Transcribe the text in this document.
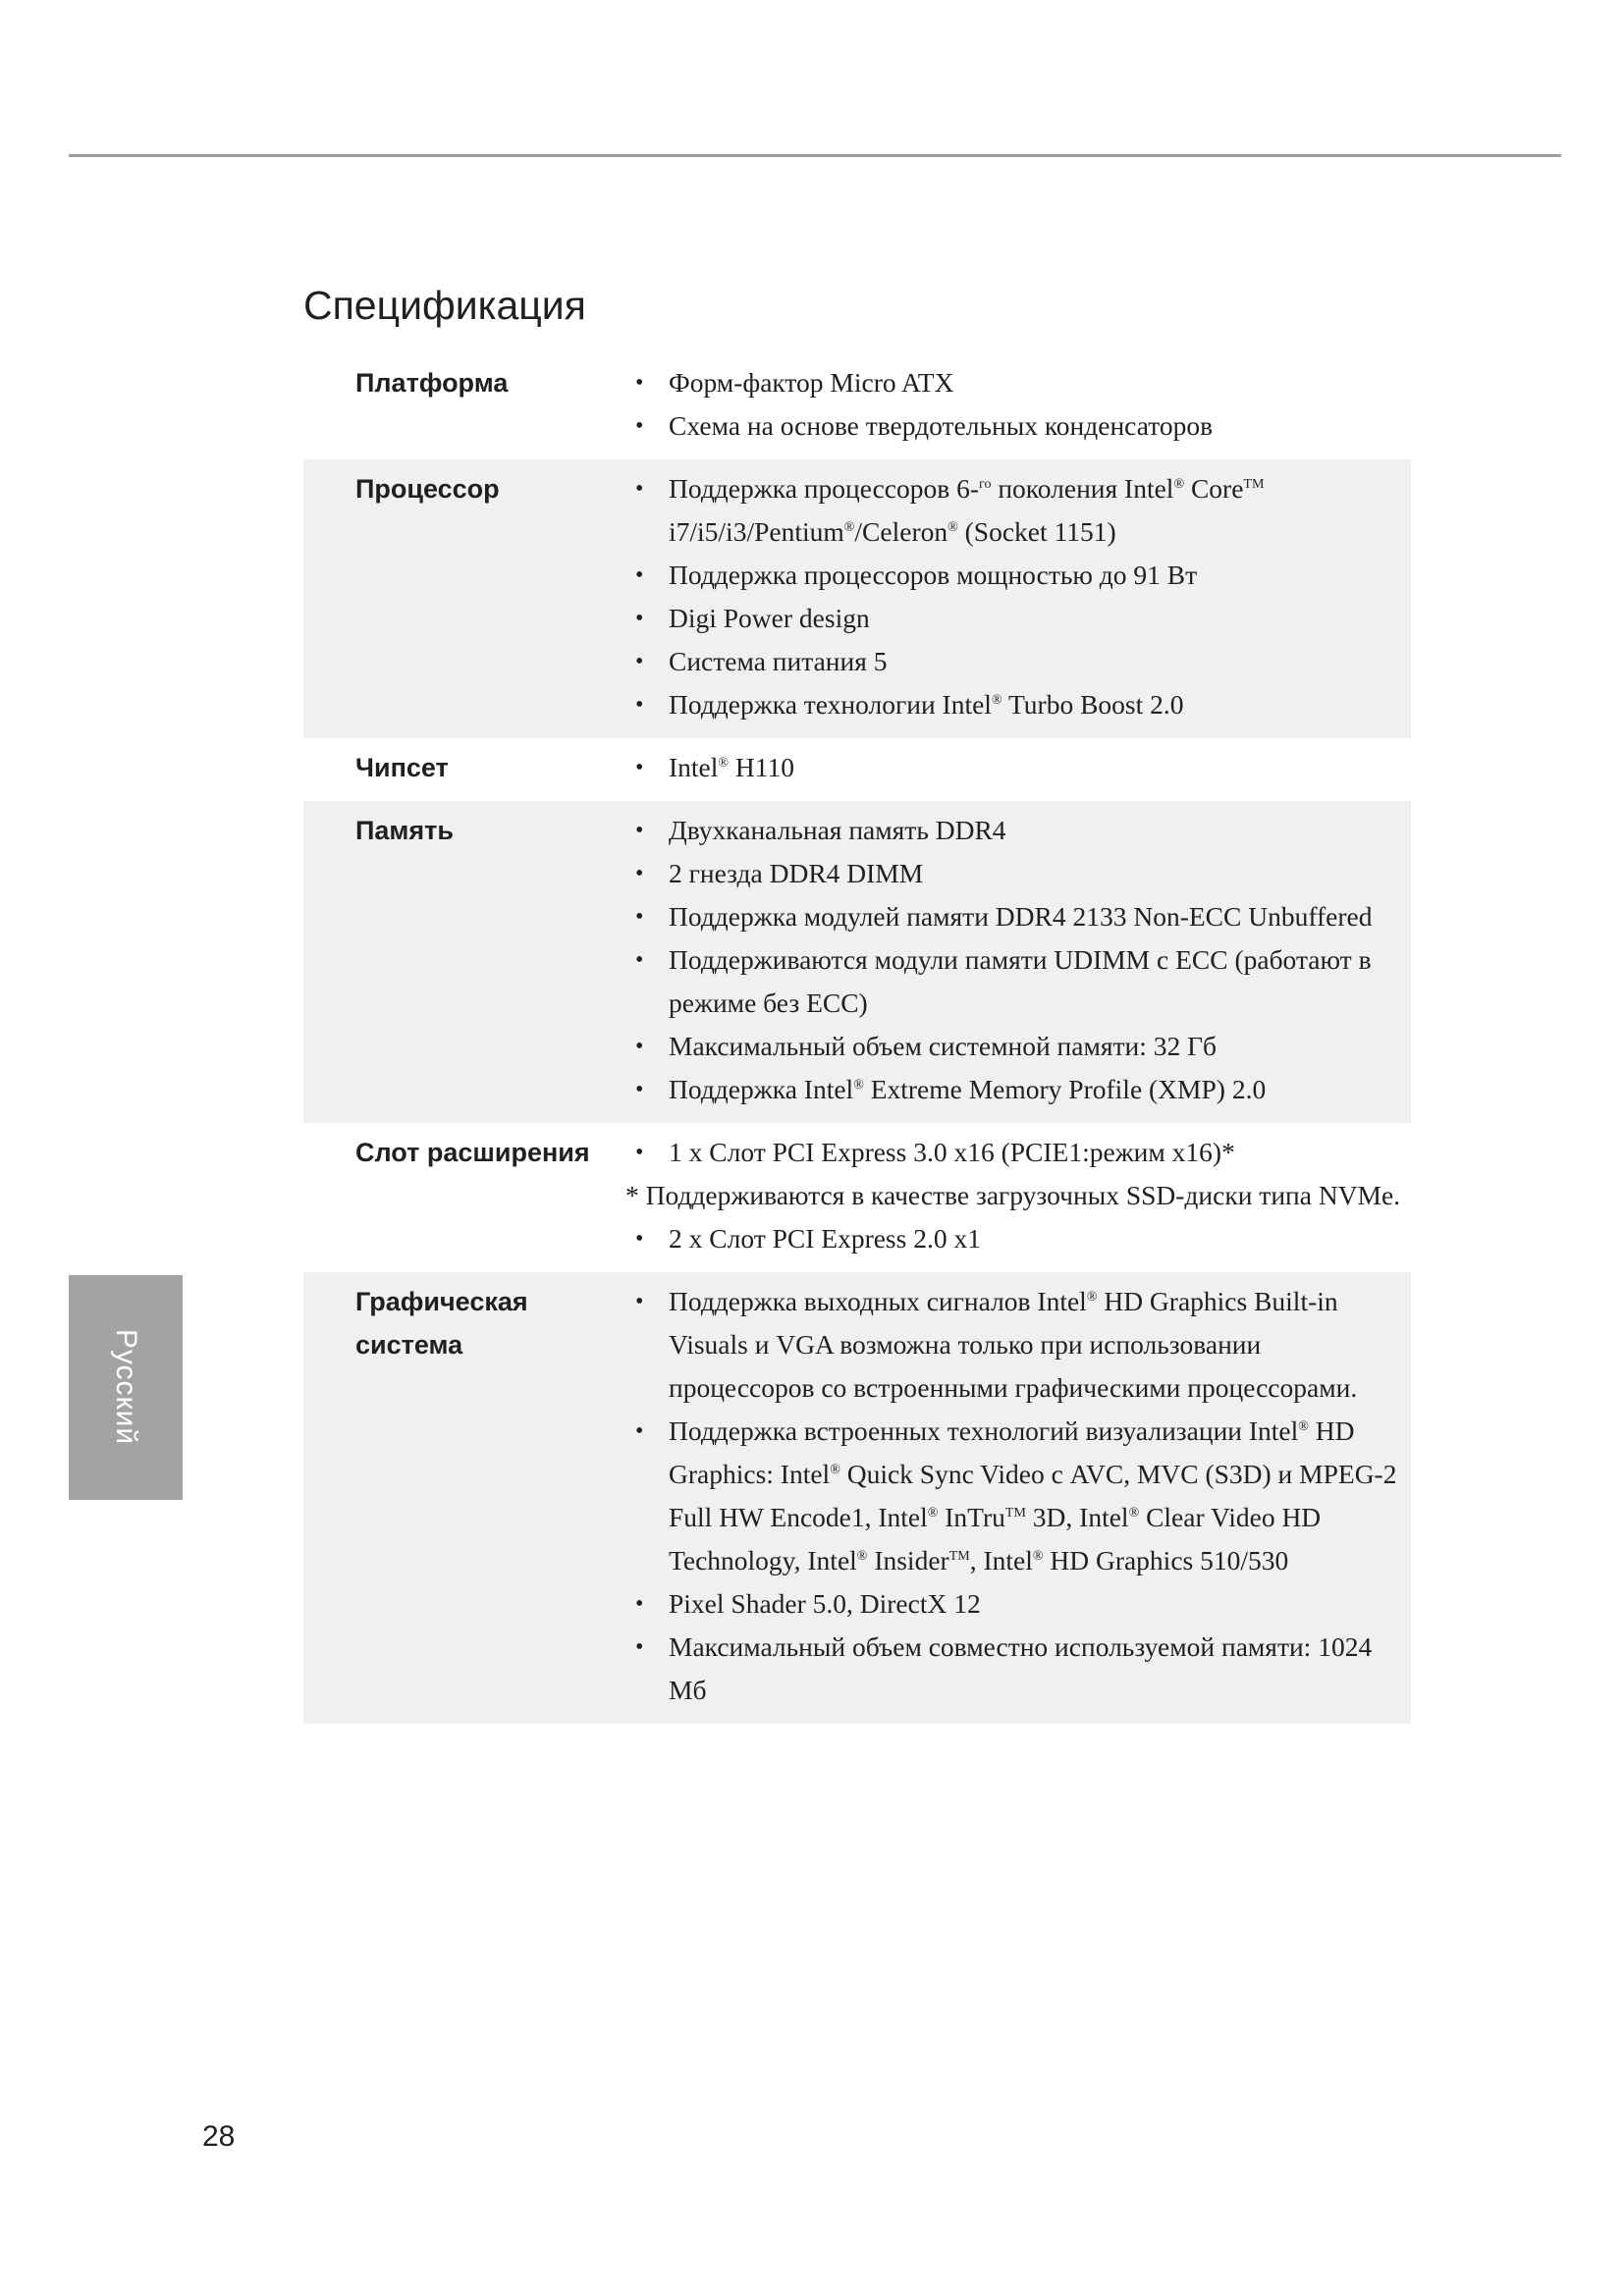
Спецификация
Платформа	• Форм-фактор Micro ATX
• Схема на основе твердотельных конденсаторов
Процессор	• Поддержка процессоров 6-$^{го}$ поколения Intel® Core™
i7/i5/i3/Pentium®/Celeron® (Socket 1151)
• Поддержка процессоров мощностью до 91 Вт
• Digi Power design
• Система питания 5
• Поддержка технологии Intel® Turbo Boost 2.0
Чипсет	• Intel® H110
Память	• Двухканальная память DDR4
• 2 гнезда DDR4 DIMM
• Поддержка модулей памяти DDR4 2133 Non-ECC Unbuffered
• Поддерживаются модули памяти UDIMM с ECC (работают в режиме без ECC)
• Максимальный объем системной памяти: 32 Гб
• Поддержка Intel® Extreme Memory Profile (XMP) 2.0
Слот расширения	• 1 x Слот PCI Express 3.0 x16 (PCIE1:режим x16)*
* Поддерживаются в качестве загрузочных SSD-диски типа NVMe.
• 2 x Слот PCI Express 2.0 x1
Графическая
система
• Поддержка выходных сигналов Intel® HD Graphics Built-in Visuals и VGA возможна только при использовании процессоров со встроенными графическими процессорами.
• Поддержка встроенных технологий визуализации Intel® HD Graphics: Intel® Quick Sync Video с AVC, MVC (S3D) и MPEG-2 Full HW Encode1, Intel® InTru™ 3D, Intel® Clear Video HD Technology, Intel® Insider™, Intel® HD Graphics 510/530
• Pixel Shader 5.0, DirectX 12
• Максимальный объем совместно используемой памяти: 1024 Мб
Русский
28
